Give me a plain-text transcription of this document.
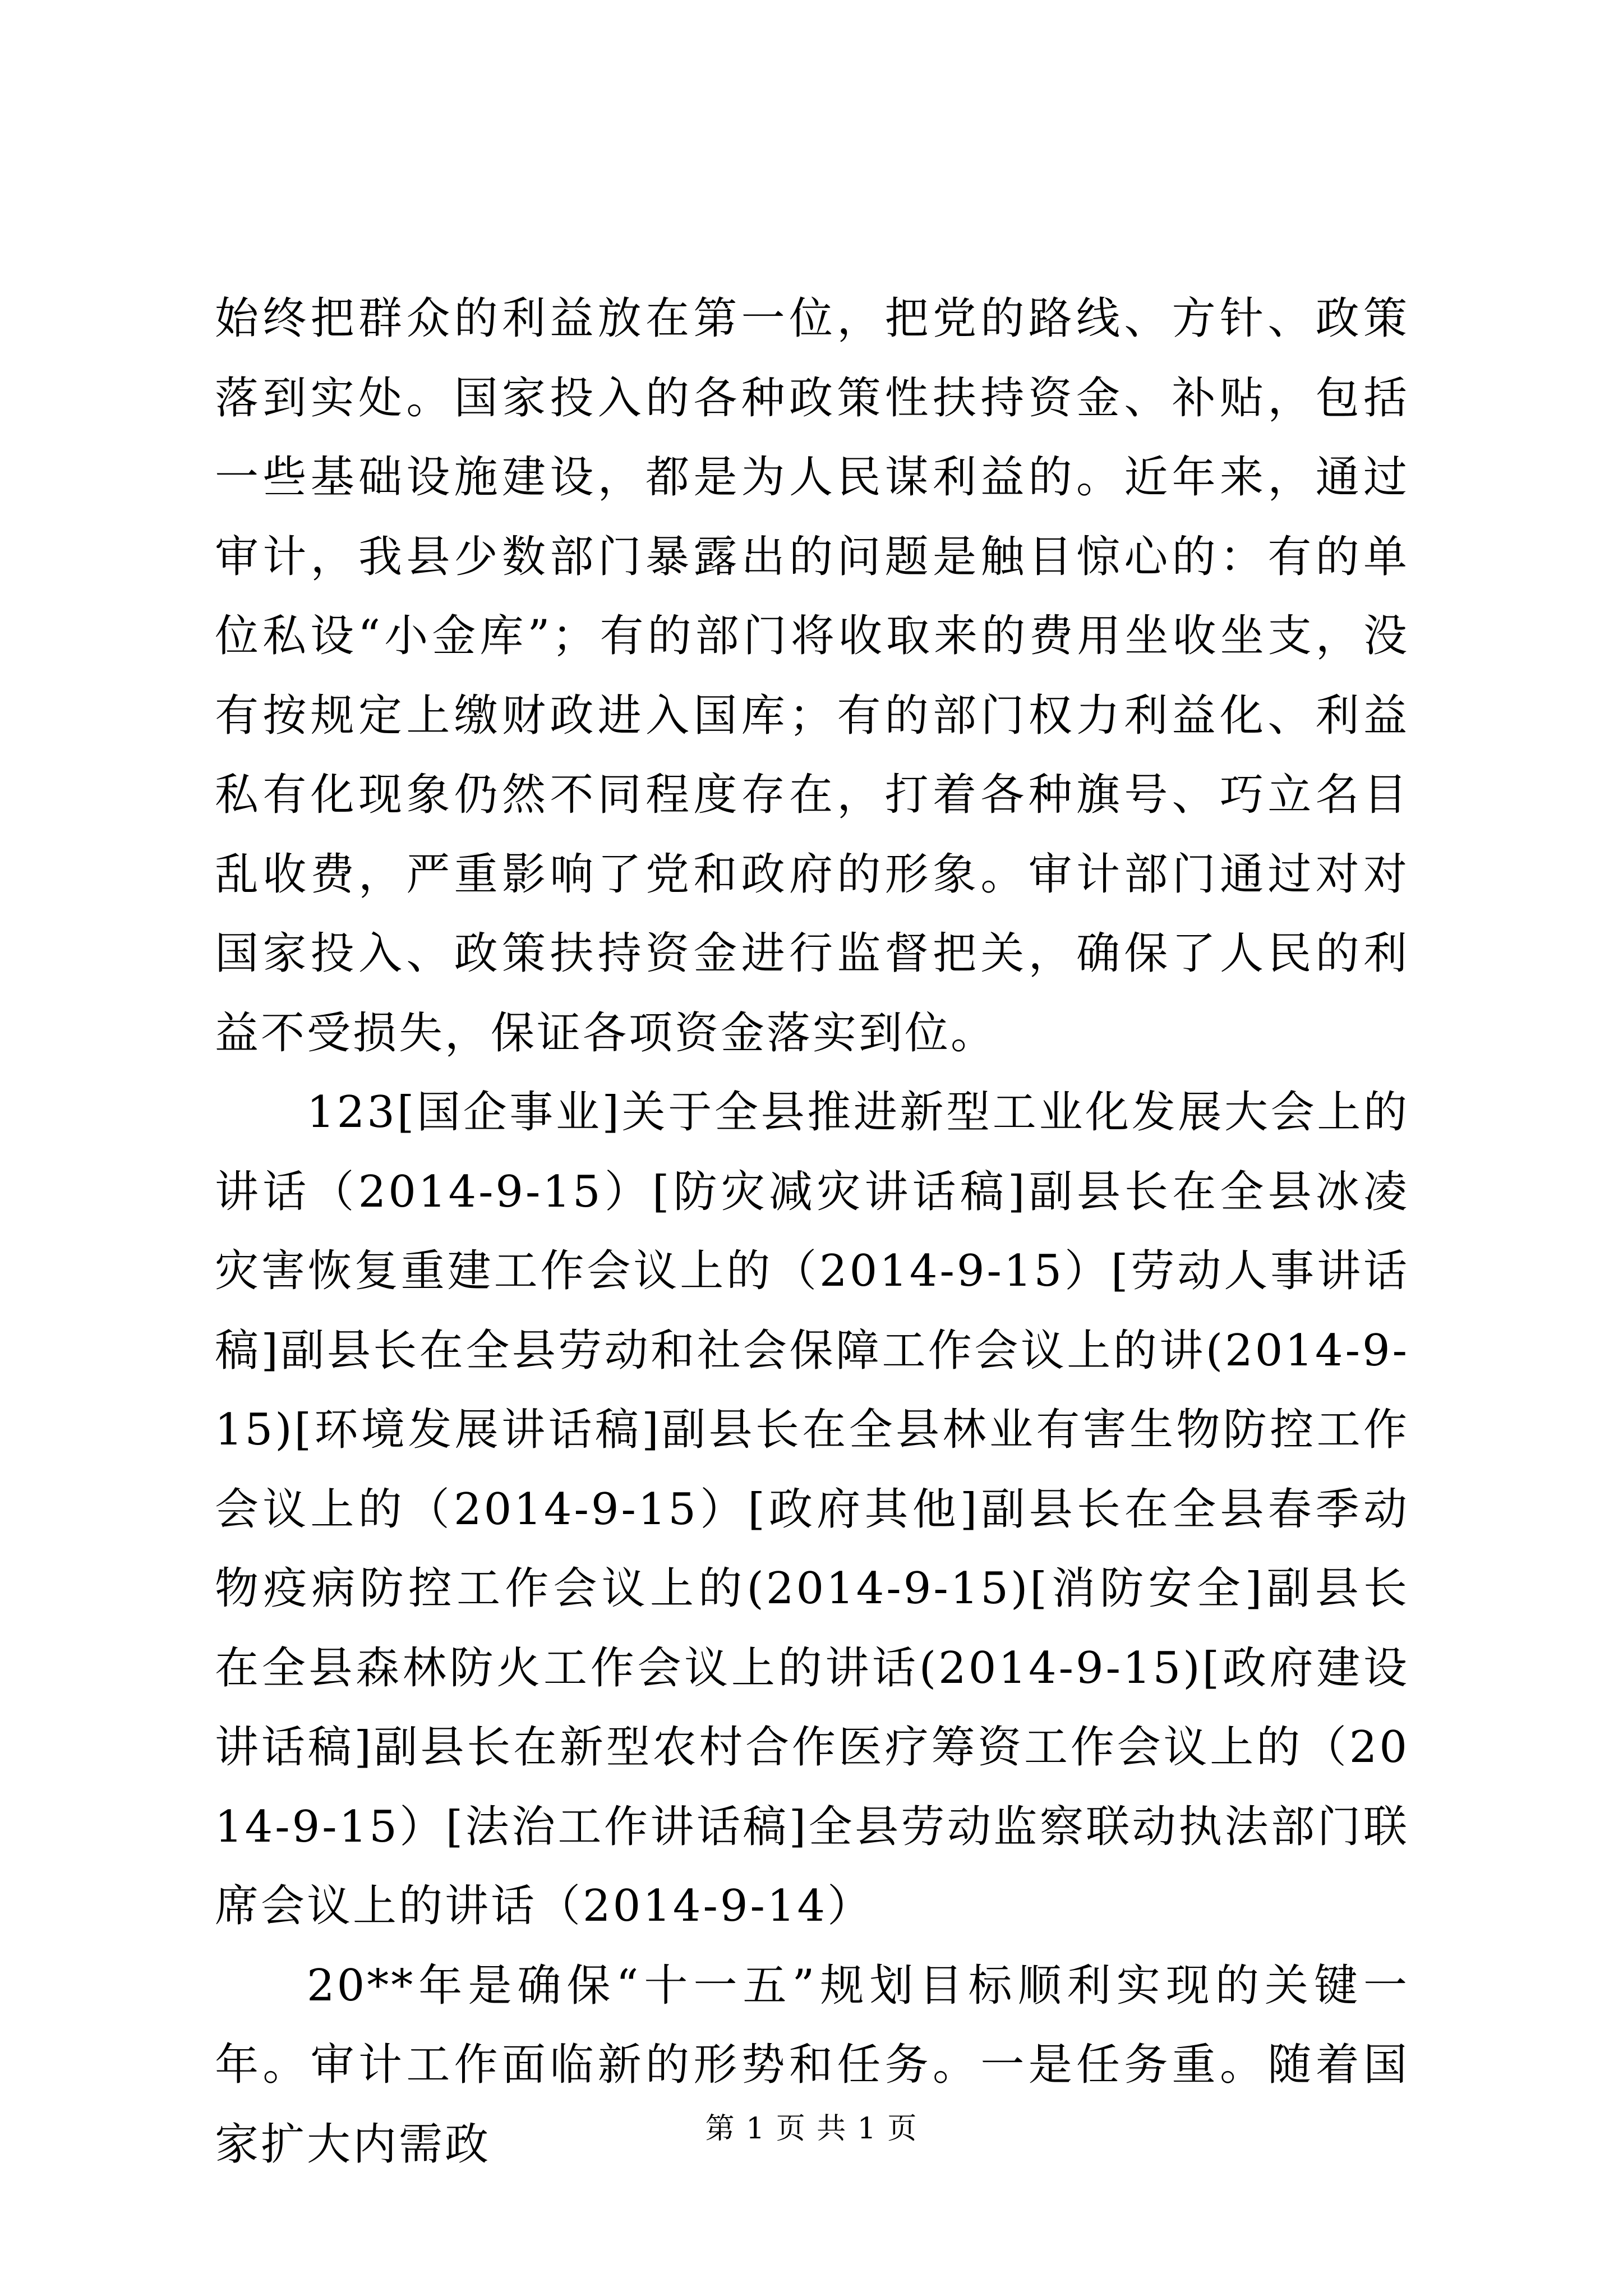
始终把群众的利益放在第一位，把党的路线、方针、政策落到实处。国家投入的各种政策性扶持资金、补贴，包括一些基础设施建设，都是为人民谋利益的。近年来，通过审计，我县少数部门暴露出的问题是触目惊心的：有的单位私设“小金库”；有的部门将收取来的费用坐收坐支，没有按规定上缴财政进入国库；有的部门权力利益化、利益私有化现象仍然不同程度存在，打着各种旗号、巧立名目乱收费，严重影响了党和政府的形象。审计部门通过对对国家投入、政策扶持资金进行监督把关，确保了人民的利益不受损失，保证各项资金落实到位。

123[国企事业]关于全县推进新型工业化发展大会上的讲话（2014-9-15）[防灾减灾讲话稿]副县长在全县冰凌灾害恢复重建工作会议上的（2014-9-15）[劳动人事讲话稿]副县长在全县劳动和社会保障工作会议上的讲(2014-9-15)[环境发展讲话稿]副县长在全县林业有害生物防控工作会议上的（2014-9-15）[政府其他]副县长在全县春季动物疫病防控工作会议上的(2014-9-15)[消防安全]副县长在全县森林防火工作会议上的讲话(2014-9-15)[政府建设讲话稿]副县长在新型农村合作医疗筹资工作会议上的（2014-9-15）[法治工作讲话稿]全县劳动监察联动执法部门联席会议上的讲话（2014-9-14）

20**年是确保“十一五”规划目标顺利实现的关键一年。审计工作面临新的形势和任务。一是任务重。随着国家扩大内需政	第 1 页 共 1 页
